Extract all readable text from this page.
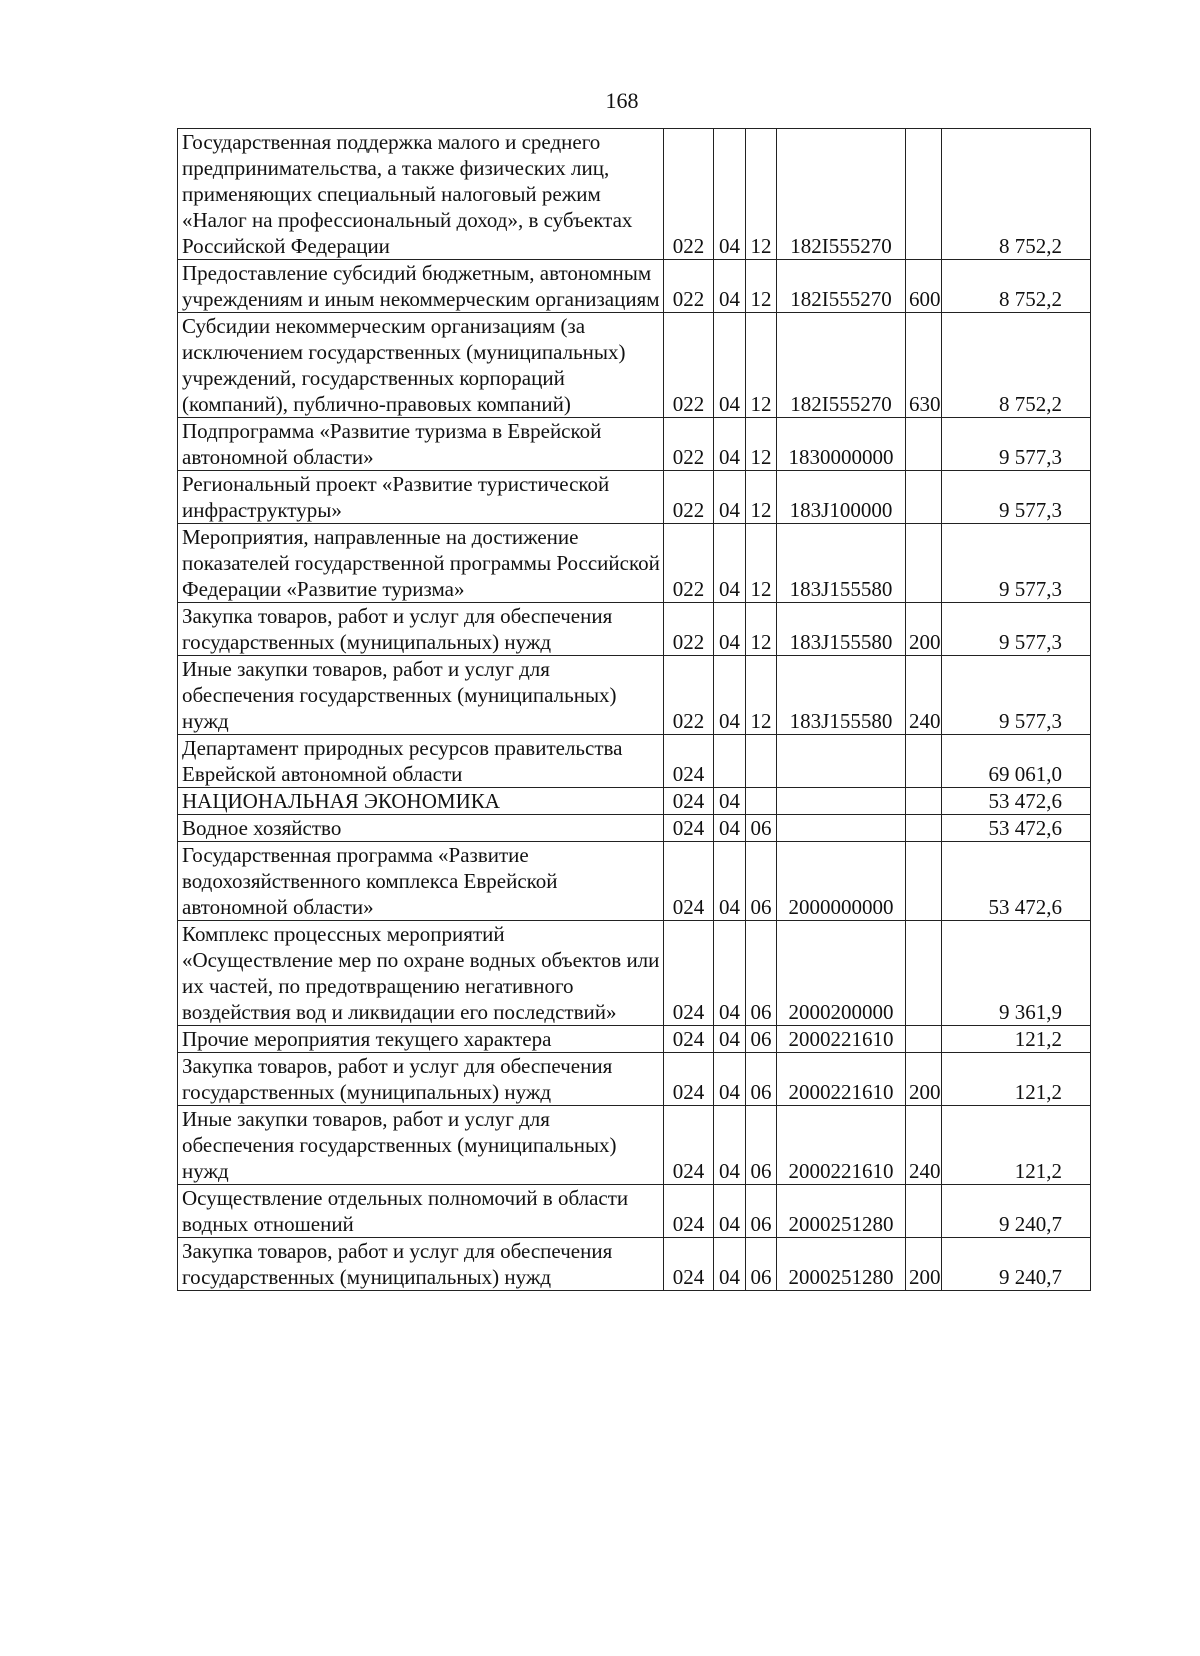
168
Государственная поддержка малого и среднего предпринимательства, а также физических лиц, применяющих специальный налоговый режим «Налог на профессиональный доход», в субъектах Российской Федерации	022	04	12	182I555270		8 752,2
Предоставление субсидий бюджетным, автономным учреждениям и иным некоммерческим организациям	022	04	12	182I555270	600	8 752,2
Субсидии некоммерческим организациям (за исключением государственных (муниципальных) учреждений, государственных корпораций (компаний), публично-правовых компаний)	022	04	12	182I555270	630	8 752,2
Подпрограмма «Развитие туризма в Еврейской автономной области»	022	04	12	1830000000		9 577,3
Региональный проект «Развитие туристической инфраструктуры»	022	04	12	183J100000		9 577,3
Мероприятия, направленные на достижение показателей государственной программы Российской Федерации «Развитие туризма»	022	04	12	183J155580		9 577,3
Закупка товаров, работ и услуг для обеспечения государственных (муниципальных) нужд	022	04	12	183J155580	200	9 577,3
Иные закупки товаров, работ и услуг для обеспечения государственных (муниципальных) нужд	022	04	12	183J155580	240	9 577,3
Департамент природных ресурсов правительства Еврейской автономной области	024					69 061,0
НАЦИОНАЛЬНАЯ ЭКОНОМИКА	024	04				53 472,6
Водное хозяйство	024	04	06			53 472,6
Государственная программа «Развитие водохозяйственного комплекса Еврейской автономной области»	024	04	06	2000000000		53 472,6
Комплекс процессных мероприятий «Осуществление мер по охране водных объектов или их частей, по предотвращению негативного воздействия вод и ликвидации его последствий»	024	04	06	2000200000		9 361,9
Прочие мероприятия текущего характера	024	04	06	2000221610		121,2
Закупка товаров, работ и услуг для обеспечения государственных (муниципальных) нужд	024	04	06	2000221610	200	121,2
Иные закупки товаров, работ и услуг для обеспечения государственных (муниципальных) нужд	024	04	06	2000221610	240	121,2
Осуществление отдельных полномочий в области водных отношений	024	04	06	2000251280		9 240,7
Закупка товаров, работ и услуг для обеспечения государственных (муниципальных) нужд	024	04	06	2000251280	200	9 240,7
